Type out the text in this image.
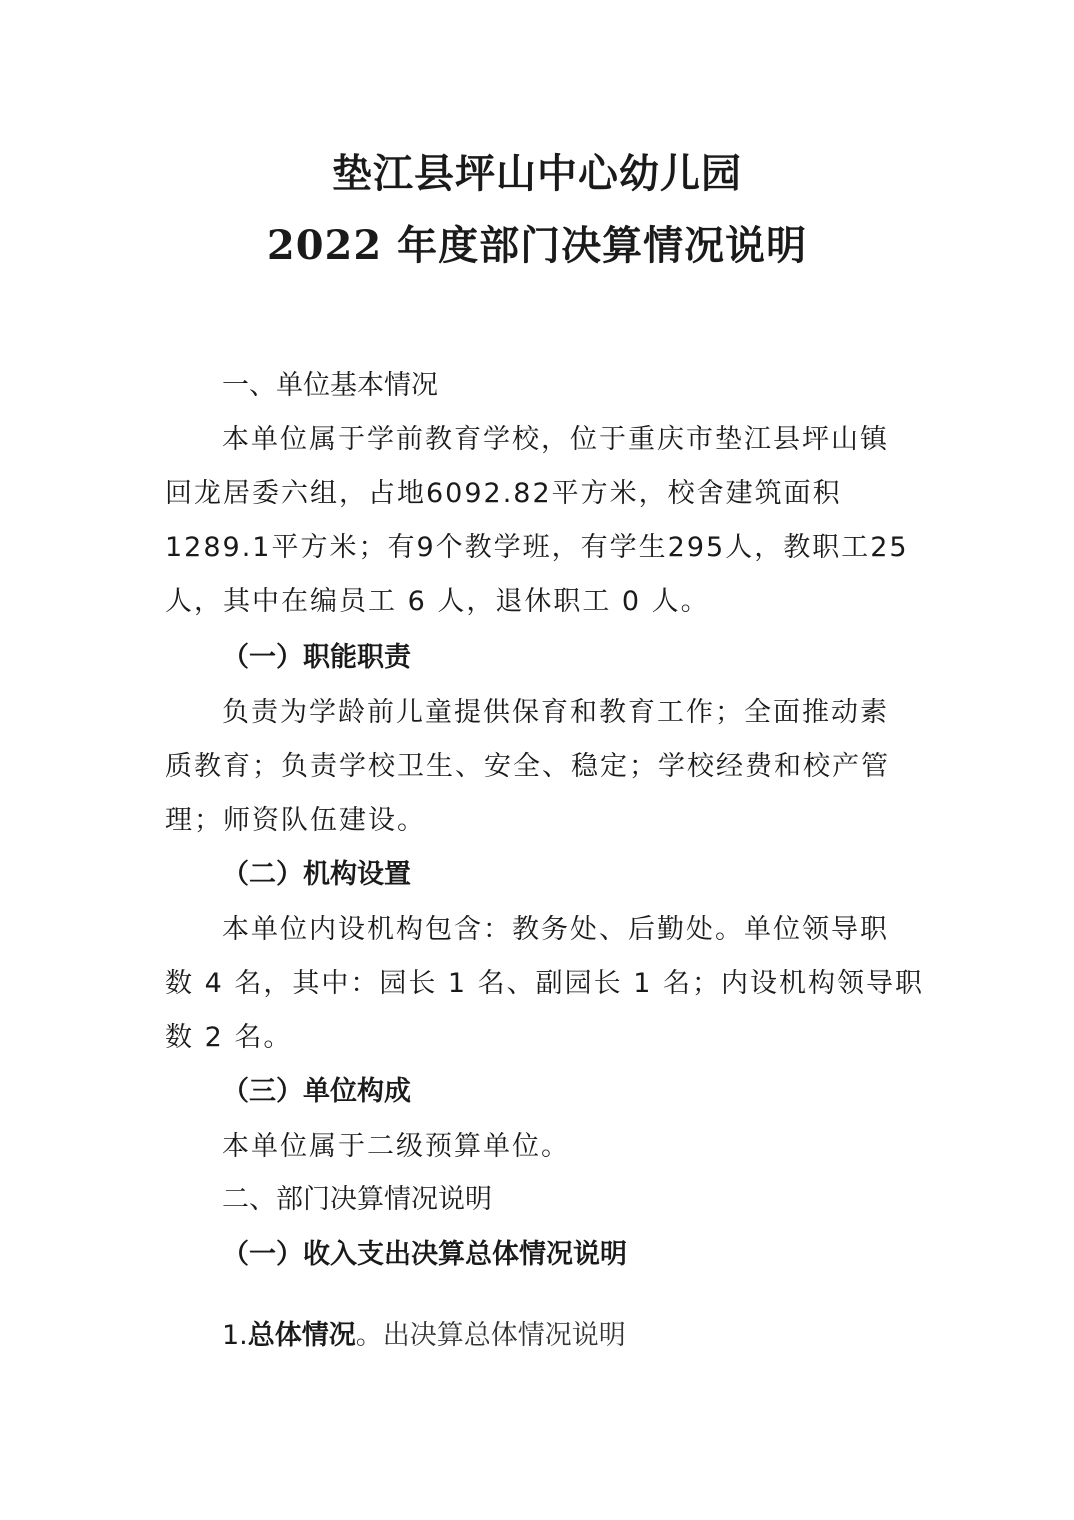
垫江县坪山中心幼儿园
2022 年度部门决算情况说明
一、单位基本情况
本单位属于学前教育学校，位于重庆市垫江县坪山镇
回龙居委六组，占地6092.82平方米，校舍建筑面积
1289.1平方米；有9个教学班，有学生295人，教职工25
人，其中在编员工 6 人，退休职工 0 人。
（一）职能职责
负责为学龄前儿童提供保育和教育工作；全面推动素
质教育；负责学校卫生、安全、稳定；学校经费和校产管
理；师资队伍建设。
（二）机构设置
本单位内设机构包含：教务处、后勤处。单位领导职
数 4 名，其中：园长 1 名、副园长 1 名；内设机构领导职
数 2 名。
（三）单位构成
本单位属于二级预算单位。
二、部门决算情况说明
（一）收入支出决算总体情况说明
1.总体情况。出决算总体情况说明
